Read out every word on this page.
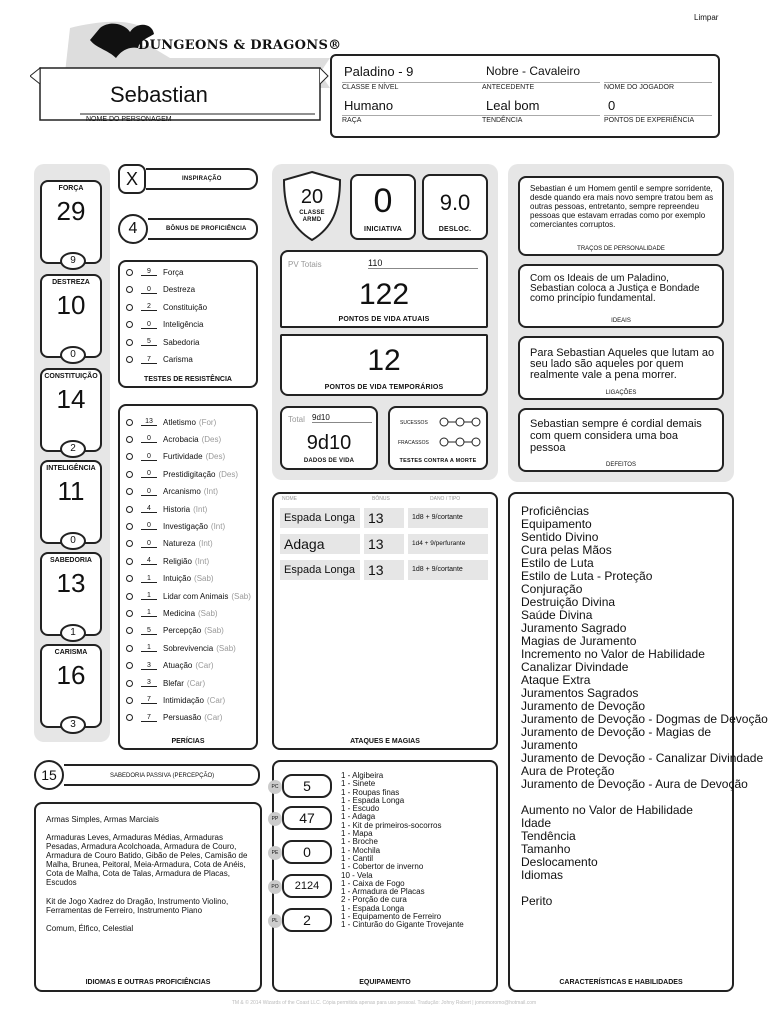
Limpar
DUNGEONS & DRAGONS®
Sebastian
NOME DO PERSONAGEM
Paladino - 9
CLASSE E NÍVEL
Nobre - Cavaleiro
ANTECEDENTE	NOME DO JOGADOR
Humano
RAÇA
Leal bom
TENDÊNCIA
0
PONTOS DE EXPERIÊNCIA
FORÇA
29
9
DESTREZA
10
0
CONSTITUIÇÃO
14
2
INTELIGÊNCIA
11
0
SABEDORIA
13
1
CARISMA
16
3
X	INSPIRAÇÃO
4	BÔNUS DE PROFICIÊNCIA
9	Força
0	Destreza
2	Constituição
0	Inteligência
5	Sabedoria
7	Carisma
TESTES DE RESISTÊNCIA
13	Atletismo (For)
0	Acrobacia (Des)
0	Furtividade (Des)
0	Prestidigitação (Des)
0	Arcanismo (Int)
4	Historia (Int)
0	Investigação (Int)
0	Natureza (Int)
4	Religião (Int)
1	Intuição (Sab)
1	Lidar com Animais (Sab)
1	Medicina (Sab)
5	Percepção (Sab)
1	Sobrevivencia (Sab)
3	Atuação (Car)
3	Blefar (Car)
7	Intimidação (Car)
7	Persuasão (Car)
PERÍCIAS
15	SABEDORIA PASSIVA (PERCEPÇÃO)
Armas Simples, Armas Marciais
Armaduras Leves, Armaduras Médias, Armaduras Pesadas, Armadura Acolchoada, Armadura de Couro, Armadura de Couro Batido, Gibão de Peles, Camisão de Malha, Brunea, Peitoral, Meia-Armadura, Cota de Anéis, Cota de Malha, Cota de Talas, Armadura de Placas, Escudos
Kit de Jogo Xadrez do Dragão, Instrumento Violino, Ferramentas de Ferreiro, Instrumento Piano
Comum, Élfico, Celestial
IDIOMAS E OUTRAS PROFICIÊNCIAS
20
CLASSE ARMD	0
INICIATIVA
9.0
DESLOC.
PV Totais	110
122
PONTOS DE VIDA ATUAIS
12
PONTOS DE VIDA TEMPORÁRIOS
Total 9d10
9d10
DADOS DE VIDA
SUCESSOS
FRACASSOS
TESTES CONTRA A MORTE
NOME	BÔNUS	DANO / TIPO
Espada Longa 13	1d8 + 9/cortante
Adaga	13	1d4 + 9/perfurante
Espada Longa 13	1d8 + 9/cortante
ATAQUES E MAGIAS
PC	5
PP	47
PE	0
PO	2124
PL	2
1 - Algibeira
1 - Sinete
1 - Roupas finas
1 - Espada Longa
1 - Escudo
1 - Adaga
1 - Kit de primeiros-socorros
1 - Mapa
1 - Broche
1 - Mochila
1 - Cantil
1 - Cobertor de inverno
10 - Vela
1 - Caixa de Fogo
1 - Armadura de Placas
2 - Porção de cura
1 - Espada Longa
1 - Equipamento de Ferreiro
1 - Cinturão do Gigante Trovejante
EQUIPAMENTO
Sebastian é um Homem gentil e sempre sorridente, desde quando era mais novo sempre tratou bem as outras pessoas, entretanto, sempre repreendeu pessoas que estavam erradas como por exemplo comerciantes corruptos.
TRAÇOS DE PERSONALIDADE
Com os Ideais de um Paladino, Sebastian coloca a Justiça e Bondade como princípio fundamental.
IDEAIS
Para Sebastian Aqueles que lutam ao seu lado são aqueles por quem realmente vale a pena morrer.
LIGAÇÕES
Sebastian sempre é cordial demais com quem considera uma boa pessoa
DEFEITOS
Proficiências
Equipamento
Sentido Divino
Cura pelas Mãos
Estilo de Luta
Estilo de Luta - Proteção
Conjuração
Destruição Divina
Saúde Divina
Juramento Sagrado
Magias de Juramento
Incremento no Valor de Habilidade
Canalizar Divindade
Ataque Extra
Juramentos Sagrados
Juramento de Devoção
Juramento de Devoção - Dogmas de Devoção
Juramento de Devoção - Magias de Juramento
Juramento de Devoção - Canalizar Divindade
Aura de Proteção
Juramento de Devoção - Aura de Devoção
Aumento no Valor de Habilidade
Idade
Tendência
Tamanho
Deslocamento
Idiomas
Perito
CARACTERÍSTICAS E HABILIDADES
TM & © 2014 Wizards of the Coast LLC. Cópia permitida apenas para uso pessoal. Tradução: Johny Robert | jomomoromo@hotmail.com
